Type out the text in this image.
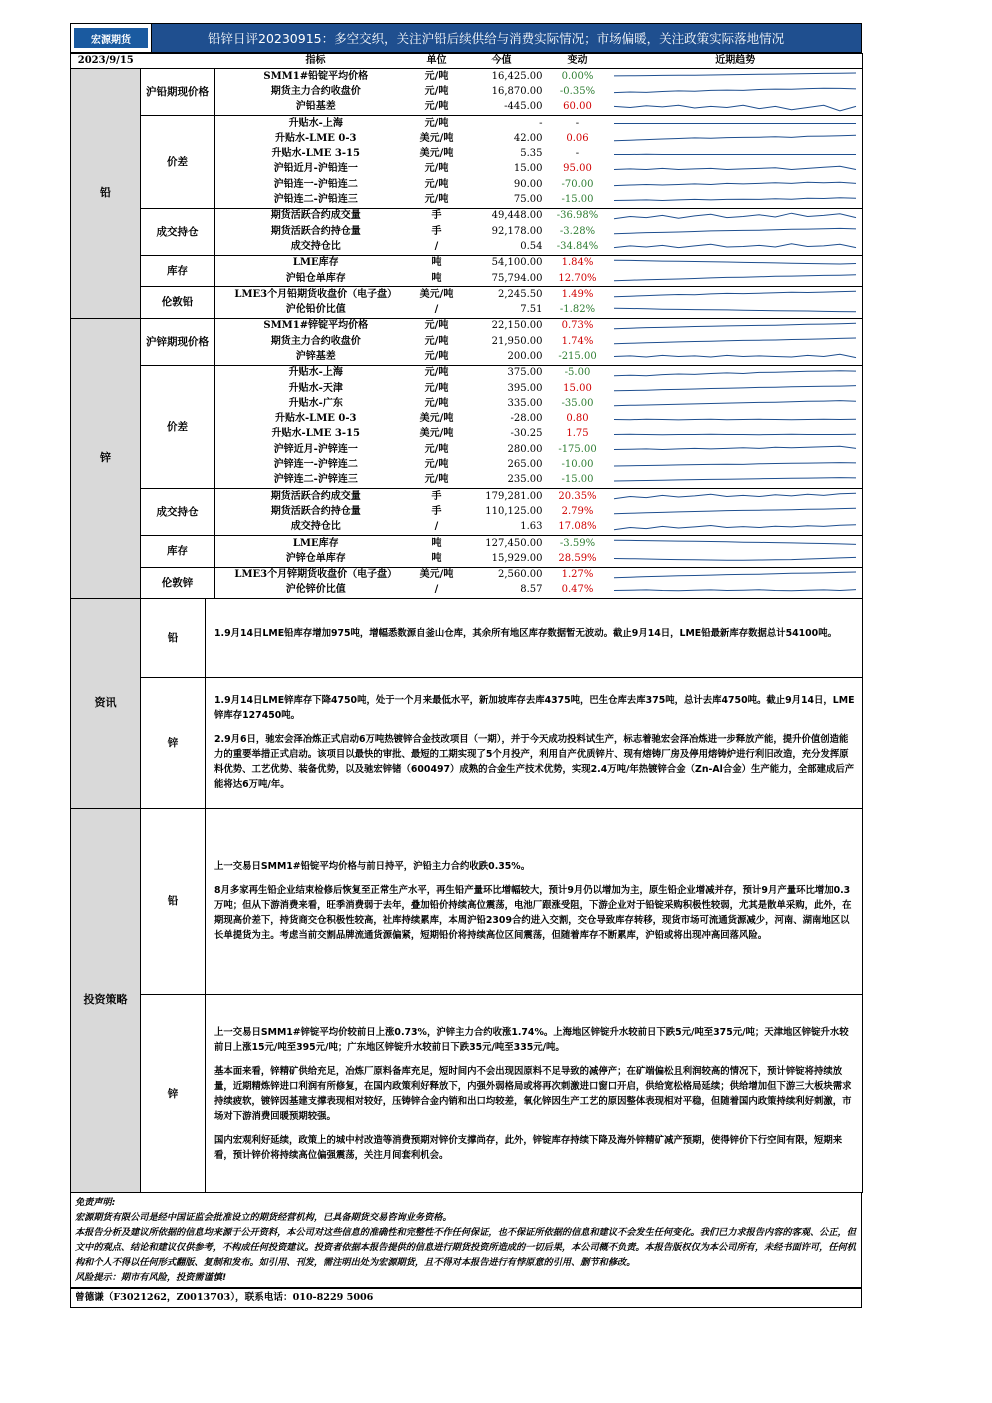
宏源期货	铅锌日评20230915：多空交织，关注沪铅后续供给与消费实际情况；市场偏暖，关注政策实际落地情况
2023/9/15		指标	单位	今值	变动	近期趋势
铅	沪铅期现价格	SMM1#铅锭平均价格	元/吨	16,425.00	0.00%	

		期货主力合约收盘价	元/吨	16,870.00	-0.35%	

		沪铅基差	元/吨	-445.00	60.00	

	价差	升贴水-上海	元/吨	-	-	

		升贴水-LME 0-3	美元/吨	42.00	0.06	

		升贴水-LME 3-15	美元/吨	5.35	-	

		沪铅近月-沪铅连一	元/吨	15.00	95.00	

		沪铅连一-沪铅连二	元/吨	90.00	-70.00	

		沪铅连二-沪铅连三	元/吨	75.00	-15.00	

	成交持仓	期货活跃合约成交量	手	49,448.00	-36.98%	

		期货活跃合约持仓量	手	92,178.00	-3.28%	

		成交持仓比	/	0.54	-34.84%	

	库存	LME库存	吨	54,100.00	1.84%	

		沪铅仓单库存	吨	75,794.00	12.70%	

	伦敦铅	LME3个月铅期货收盘价（电子盘）	美元/吨	2,245.50	1.49%	

		沪伦铅价比值	/	7.51	-1.82%	

锌	沪锌期现价格	SMM1#锌锭平均价格	元/吨	22,150.00	0.73%	

		期货主力合约收盘价	元/吨	21,950.00	1.74%	

		沪锌基差	元/吨	200.00	-215.00	

	价差	升贴水-上海	元/吨	375.00	-5.00	

		升贴水-天津	元/吨	395.00	15.00	

		升贴水-广东	元/吨	335.00	-35.00	

		升贴水-LME 0-3	美元/吨	-28.00	0.80	

		升贴水-LME 3-15	美元/吨	-30.25	1.75	

		沪锌近月-沪锌连一	元/吨	280.00	-175.00	

		沪锌连一-沪锌连二	元/吨	265.00	-10.00	

		沪锌连二-沪锌连三	元/吨	235.00	-15.00	

	成交持仓	期货活跃合约成交量	手	179,281.00	20.35%	

		期货活跃合约持仓量	手	110,125.00	2.79%	

		成交持仓比	/	1.63	17.08%	

	库存	LME库存	吨	127,450.00	-3.59%	

		沪锌仓单库存	吨	15,929.00	28.59%	

	伦敦锌	LME3个月锌期货收盘价（电子盘）	美元/吨	2,560.00	1.27%	

		沪伦锌价比值	/	8.57	0.47%	
资讯	铅	1.9月14日LME铅库存增加975吨，增幅悉数源自釜山仓库，其余所有地区库存数据暂无波动。截止9月14日，LME铅最新库存数据总计54100吨。

	锌	1.9月14日LME锌库存下降4750吨，处于一个月来最低水平，新加坡库存去库4375吨，巴生仓库去库375吨，总计去库4750吨。截止9月14日，LME锌库存127450吨。

2.9月6日，驰宏会泽冶炼正式启动6万吨热镀锌合金技改项目（一期），并于今天成功投料试生产，标志着驰宏会泽冶炼进一步释放产能，提升价值创造能力的重要举措正式启动。该项目以最快的审批、最短的工期实现了5个月投产，利用自产优质锌片、现有熔铸厂房及停用熔铸炉进行利旧改造，充分发挥原料优势、工艺优势、装备优势，以及驰宏锌锗（600497）成熟的合金生产技术优势，实现2.4万吨/年热镀锌合金（Zn-Al合金）生产能力，全部建成后产能将达6万吨/年。

投资策略	铅	上一交易日SMM1#铅锭平均价格与前日持平，沪铅主力合约收跌0.35%。

8月多家再生铅企业结束检修后恢复至正常生产水平，再生铅产量环比增幅较大，预计9月仍以增加为主，原生铅企业增减并存，预计9月产量环比增加0.3万吨；但从下游消费来看，旺季消费弱于去年，叠加铅价持续高位震荡，电池厂跟涨受阻，下游企业对于铅锭采购积极性较弱，尤其是散单采购，此外，在期现高价差下，持货商交仓积极性较高，社库持续累库，本周沪铅2309合约进入交割，交仓导致库存转移，现货市场可流通货源减少，河南、湖南地区以长单提货为主。考虑当前交割品牌流通货源偏紧，短期铅价将持续高位区间震荡，但随着库存不断累库，沪铅或将出现冲高回落风险。

	锌	上一交易日SMM1#锌锭平均价较前日上涨0.73%，沪锌主力合约收涨1.74%。上海地区锌锭升水较前日下跌5元/吨至375元/吨；天津地区锌锭升水较前日上涨15元/吨至395元/吨；广东地区锌锭升水较前日下跌35元/吨至335元/吨。

基本面来看，锌精矿供给充足，冶炼厂原料备库充足，短时间内不会出现因原料不足导致的减停产；在矿端偏松且利润较高的情况下，预计锌锭将持续放量，近期精炼锌进口利润有所修复，在国内政策利好释放下，内强外弱格局或将再次刺激进口窗口开启，供给宽松格局延续；供给增加但下游三大板块需求持续疲软，镀锌因基建支撑表现相对较好，压铸锌合金内销和出口均较差，氧化锌因生产工艺的原因整体表现相对平稳，但随着国内政策持续利好刺激，市场对下游消费回暖预期较强。

国内宏观利好延续，政策上的城中村改造等消费预期对锌价支撑尚存，此外，锌锭库存持续下降及海外锌精矿减产预期，使得锌价下行空间有限，短期来看，预计锌价将持续高位偏强震荡，关注月间套利机会。

免责声明:
宏源期货有限公司是经中国证监会批准设立的期货经营机构，已具备期货交易咨询业务资格。
本报告分析及建议所依据的信息均来源于公开资料，本公司对这些信息的准确性和完整性不作任何保证，也不保证所依据的信息和建议不会发生任何变化。我们已力求报告内容的客观、公正，但文中的观点、结论和建议仅供参考，不构成任何投资建议。投资者依据本报告提供的信息进行期货投资所造成的一切后果，本公司概不负责。本报告版权仅为本公司所有，未经书面许可，任何机构和个人不得以任何形式翻版、复制和发布。如引用、刊发，需注明出处为宏源期货，且不得对本报告进行有悖原意的引用、删节和修改。
风险提示：期市有风险，投资需谨慎!
曾德谦（F3021262，Z0013703），联系电话：010-8229 5006
